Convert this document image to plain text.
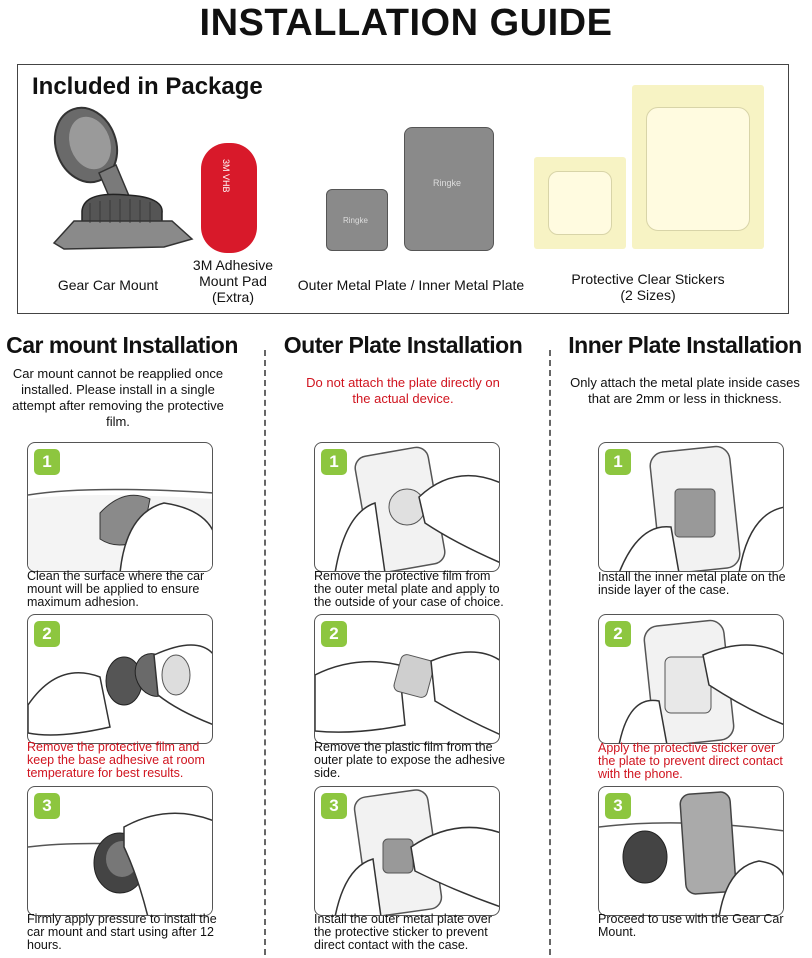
INSTALLATION GUIDE
Included in Package
Gear Car Mount
3M VHB
3M Adhesive
Mount Pad
(Extra)
Ringke
Ringke
Outer Metal Plate / Inner Metal Plate	Protective Clear Stickers
(2 Sizes)
Car mount Installation
Car mount cannot be reapplied once installed. Please install in a single attempt after removing the protective film.
Outer Plate Installation
Do not attach the plate directly on the actual device.
Inner Plate Installation
Only attach the metal plate inside cases that are 2mm or less in thickness.
1
Clean the surface where the car mount will be applied to ensure maximum adhesion.
2
Remove the protective film and keep the base adhesive at room temperature for best results.
3
Firmly apply pressure to install the car mount and start using after 12 hours.
1
Remove the protective film from the outer metal plate and apply to the outside of your case of choice.
2
Remove the plastic film from the outer plate to expose the adhesive side.
3
Install the outer metal plate over the protective sticker to prevent direct contact with the case.
1
Install the inner metal plate on the inside layer of the case.
2
Apply the protective sticker over the plate to prevent direct contact with the phone.
3
Proceed to use with the Gear Car Mount.
